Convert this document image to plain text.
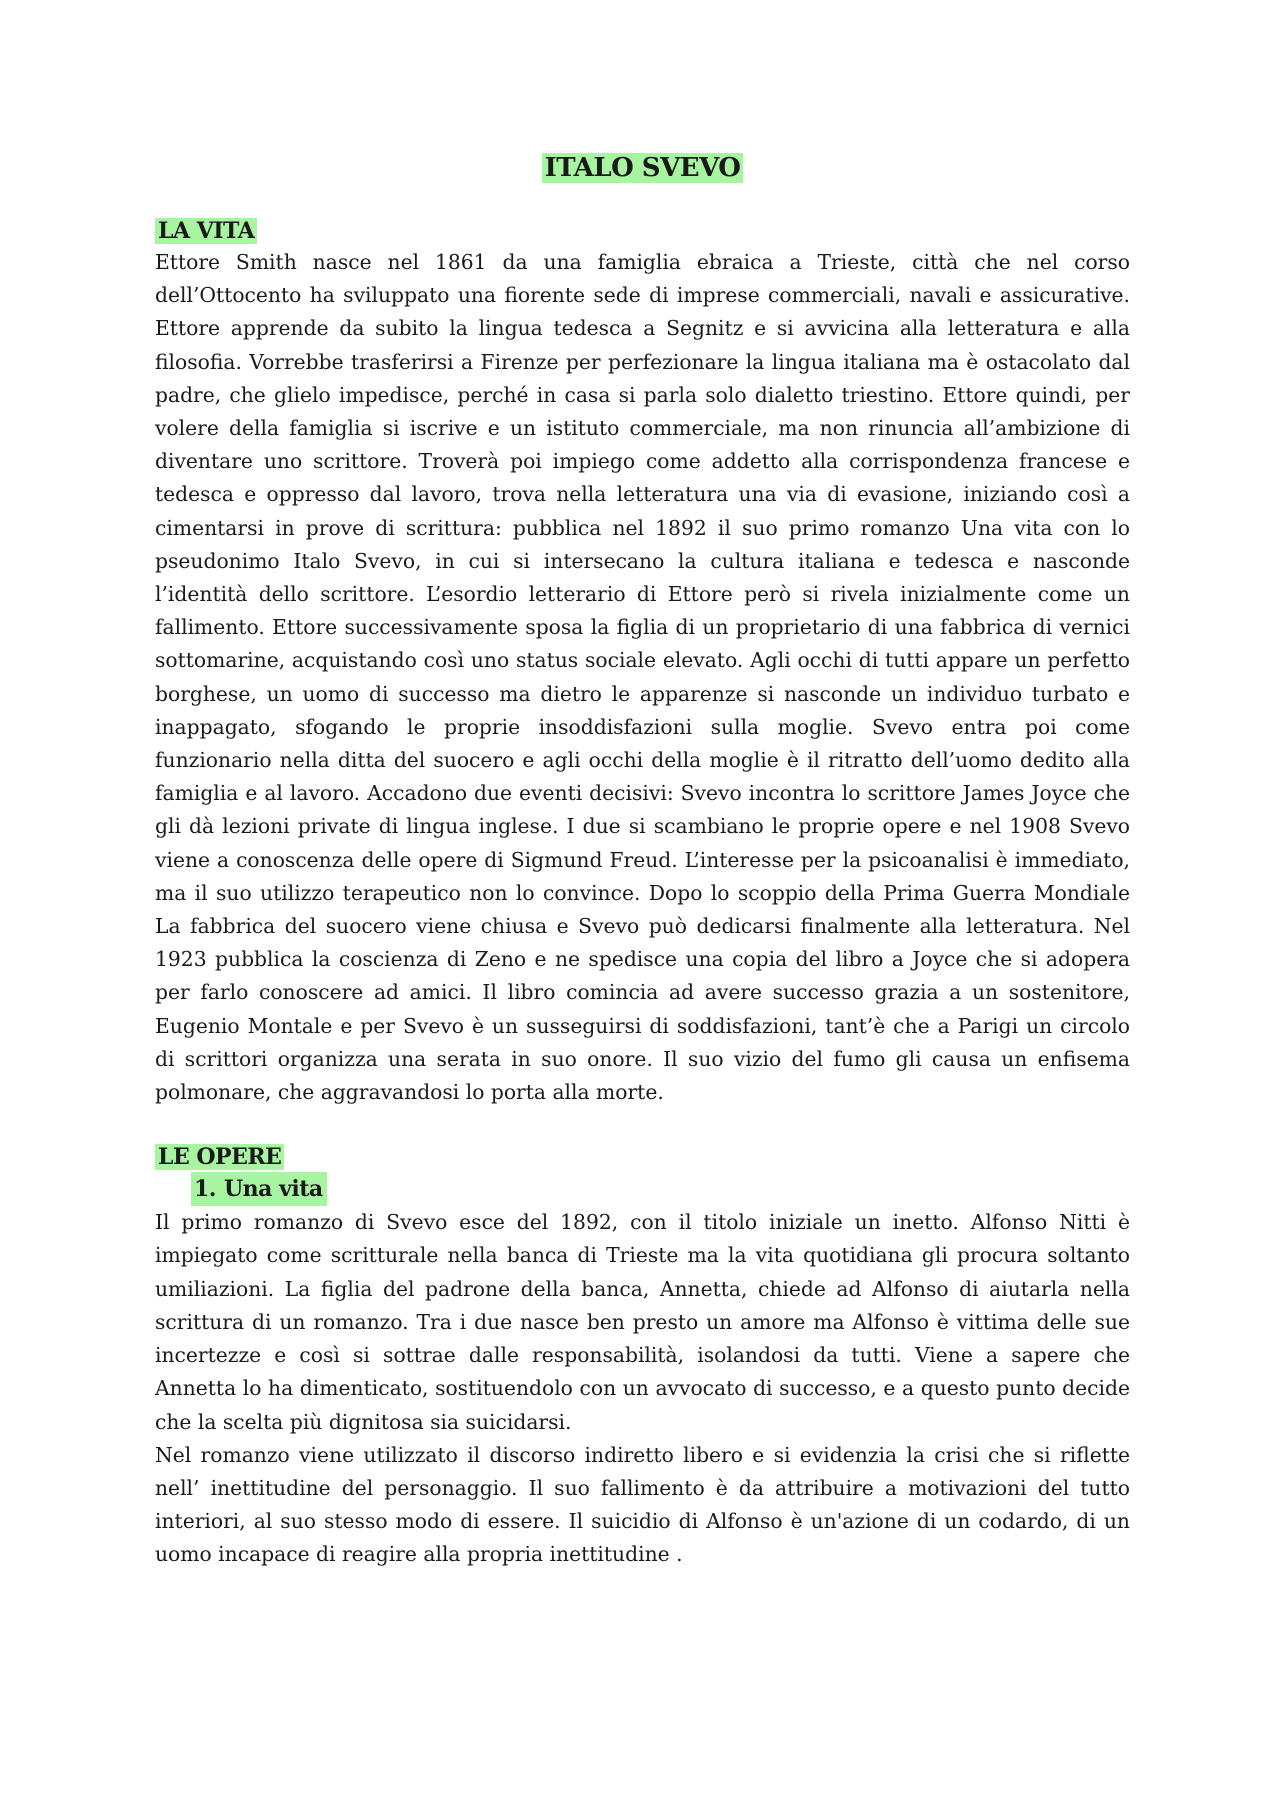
ITALO SVEVO
LA VITA

Ettore Smith nasce nel 1861 da una famiglia ebraica a Trieste, città che nel corso dell’Ottocento ha sviluppato una fiorente sede di imprese commerciali, navali e assicurative. Ettore apprende da subito la lingua tedesca a Segnitz e si avvicina alla letteratura e alla filosofia. Vorrebbe trasferirsi a Firenze per perfezionare la lingua italiana ma è ostacolato dal padre, che glielo impedisce, perché in casa si parla solo dialetto triestino. Ettore quindi, per volere della famiglia si iscrive e un istituto commerciale, ma non rinuncia all’ambizione di diventare uno scrittore. Troverà poi impiego come addetto alla corrispondenza francese e tedesca e oppresso dal lavoro, trova nella letteratura una via di evasione, iniziando così a cimentarsi in prove di scrittura: pubblica nel 1892 il suo primo romanzo Una vita con lo pseudonimo Italo Svevo, in cui si intersecano la cultura italiana e tedesca e nasconde l’identità dello scrittore. L’esordio letterario di Ettore però si rivela inizialmente come un fallimento. Ettore successivamente sposa la figlia di un proprietario di una fabbrica di vernici sottomarine, acquistando così uno status sociale elevato. Agli occhi di tutti appare un perfetto borghese, un uomo di successo ma dietro le apparenze si nasconde un individuo turbato e inappagato, sfogando le proprie insoddisfazioni sulla moglie. Svevo entra poi come funzionario nella ditta del suocero e agli occhi della moglie è il ritratto dell’uomo dedito alla famiglia e al lavoro. Accadono due eventi decisivi: Svevo incontra lo scrittore James Joyce che gli dà lezioni private di lingua inglese. I due si scambiano le proprie opere e nel 1908 Svevo viene a conoscenza delle opere di Sigmund Freud. L’interesse per la psicoanalisi è immediato, ma il suo utilizzo terapeutico non lo convince. Dopo lo scoppio della Prima Guerra Mondiale La fabbrica del suocero viene chiusa e Svevo può dedicarsi finalmente alla letteratura. Nel 1923 pubblica la coscienza di Zeno e ne spedisce una copia del libro a Joyce che si adopera per farlo conoscere ad amici. Il libro comincia ad avere successo grazia a un sostenitore, Eugenio Montale e per Svevo è un susseguirsi di soddisfazioni, tant’è che a Parigi un circolo di scrittori organizza una serata in suo onore. Il suo vizio del fumo gli causa un enfisema polmonare, che aggravandosi lo porta alla morte.

LE OPERE
1. Una vita

Il primo romanzo di Svevo esce del 1892, con il titolo iniziale un inetto. Alfonso Nitti è impiegato come scritturale nella banca di Trieste ma la vita quotidiana gli procura soltanto umiliazioni. La figlia del padrone della banca, Annetta, chiede ad Alfonso di aiutarla nella scrittura di un romanzo. Tra i due nasce ben presto un amore ma Alfonso è vittima delle sue incertezze e così si sottrae dalle responsabilità, isolandosi da tutti. Viene a sapere che Annetta lo ha dimenticato, sostituendolo con un avvocato di successo, e a questo punto decide che la scelta più dignitosa sia suicidarsi.

Nel romanzo viene utilizzato il discorso indiretto libero e si evidenzia la crisi che si riflette nell’ inettitudine del personaggio. Il suo fallimento è da attribuire a motivazioni del tutto interiori, al suo stesso modo di essere. Il suicidio di Alfonso è un'azione di un codardo, di un uomo incapace di reagire alla propria inettitudine .
